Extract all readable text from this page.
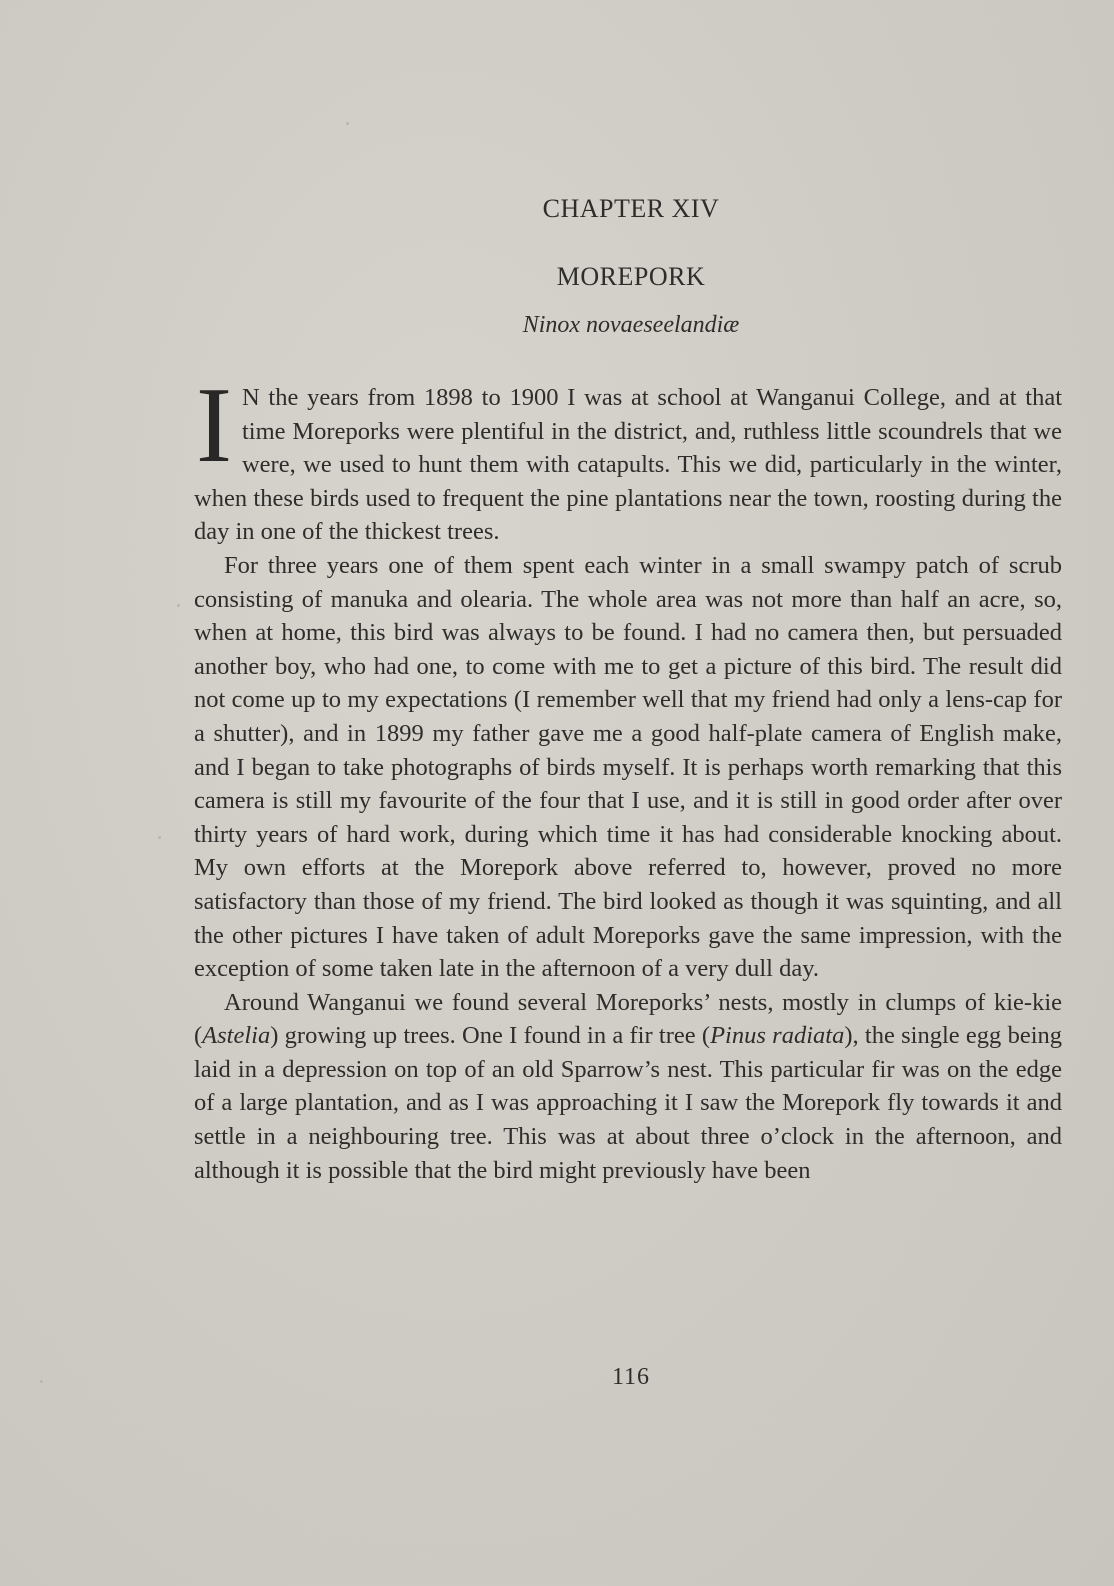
CHAPTER XIV
MOREPORK
Ninox novaeseelandiæ

I N the years from 1898 to 1900 I was at school at Wanganui College, and at that time Moreporks were plentiful in the district, and, ruthless little scoundrels that we were, we used to hunt them with catapults. This we did, particularly in the winter, when these birds used to frequent the pine plantations near the town, roosting during the day in one of the thickest trees.

For three years one of them spent each winter in a small swampy patch of scrub consisting of manuka and olearia. The whole area was not more than half an acre, so, when at home, this bird was always to be found. I had no camera then, but persuaded another boy, who had one, to come with me to get a picture of this bird. The result did not come up to my expectations (I remember well that my friend had only a lens-cap for a shutter), and in 1899 my father gave me a good half-plate camera of English make, and I began to take photographs of birds myself. It is perhaps worth remarking that this camera is still my favourite of the four that I use, and it is still in good order after over thirty years of hard work, during which time it has had considerable knocking about. My own efforts at the Morepork above referred to, however, proved no more satisfactory than those of my friend. The bird looked as though it was squinting, and all the other pictures I have taken of adult Moreporks gave the same impression, with the exception of some taken late in the afternoon of a very dull day.

Around Wanganui we found several Moreporks’ nests, mostly in clumps of kie-kie (Astelia) growing up trees. One I found in a fir tree (Pinus radiata), the single egg being laid in a depression on top of an old Sparrow’s nest. This particular fir was on the edge of a large plantation, and as I was approaching it I saw the Morepork fly towards it and settle in a neighbouring tree. This was at about three o’clock in the afternoon, and although it is possible that the bird might previously have been

116
